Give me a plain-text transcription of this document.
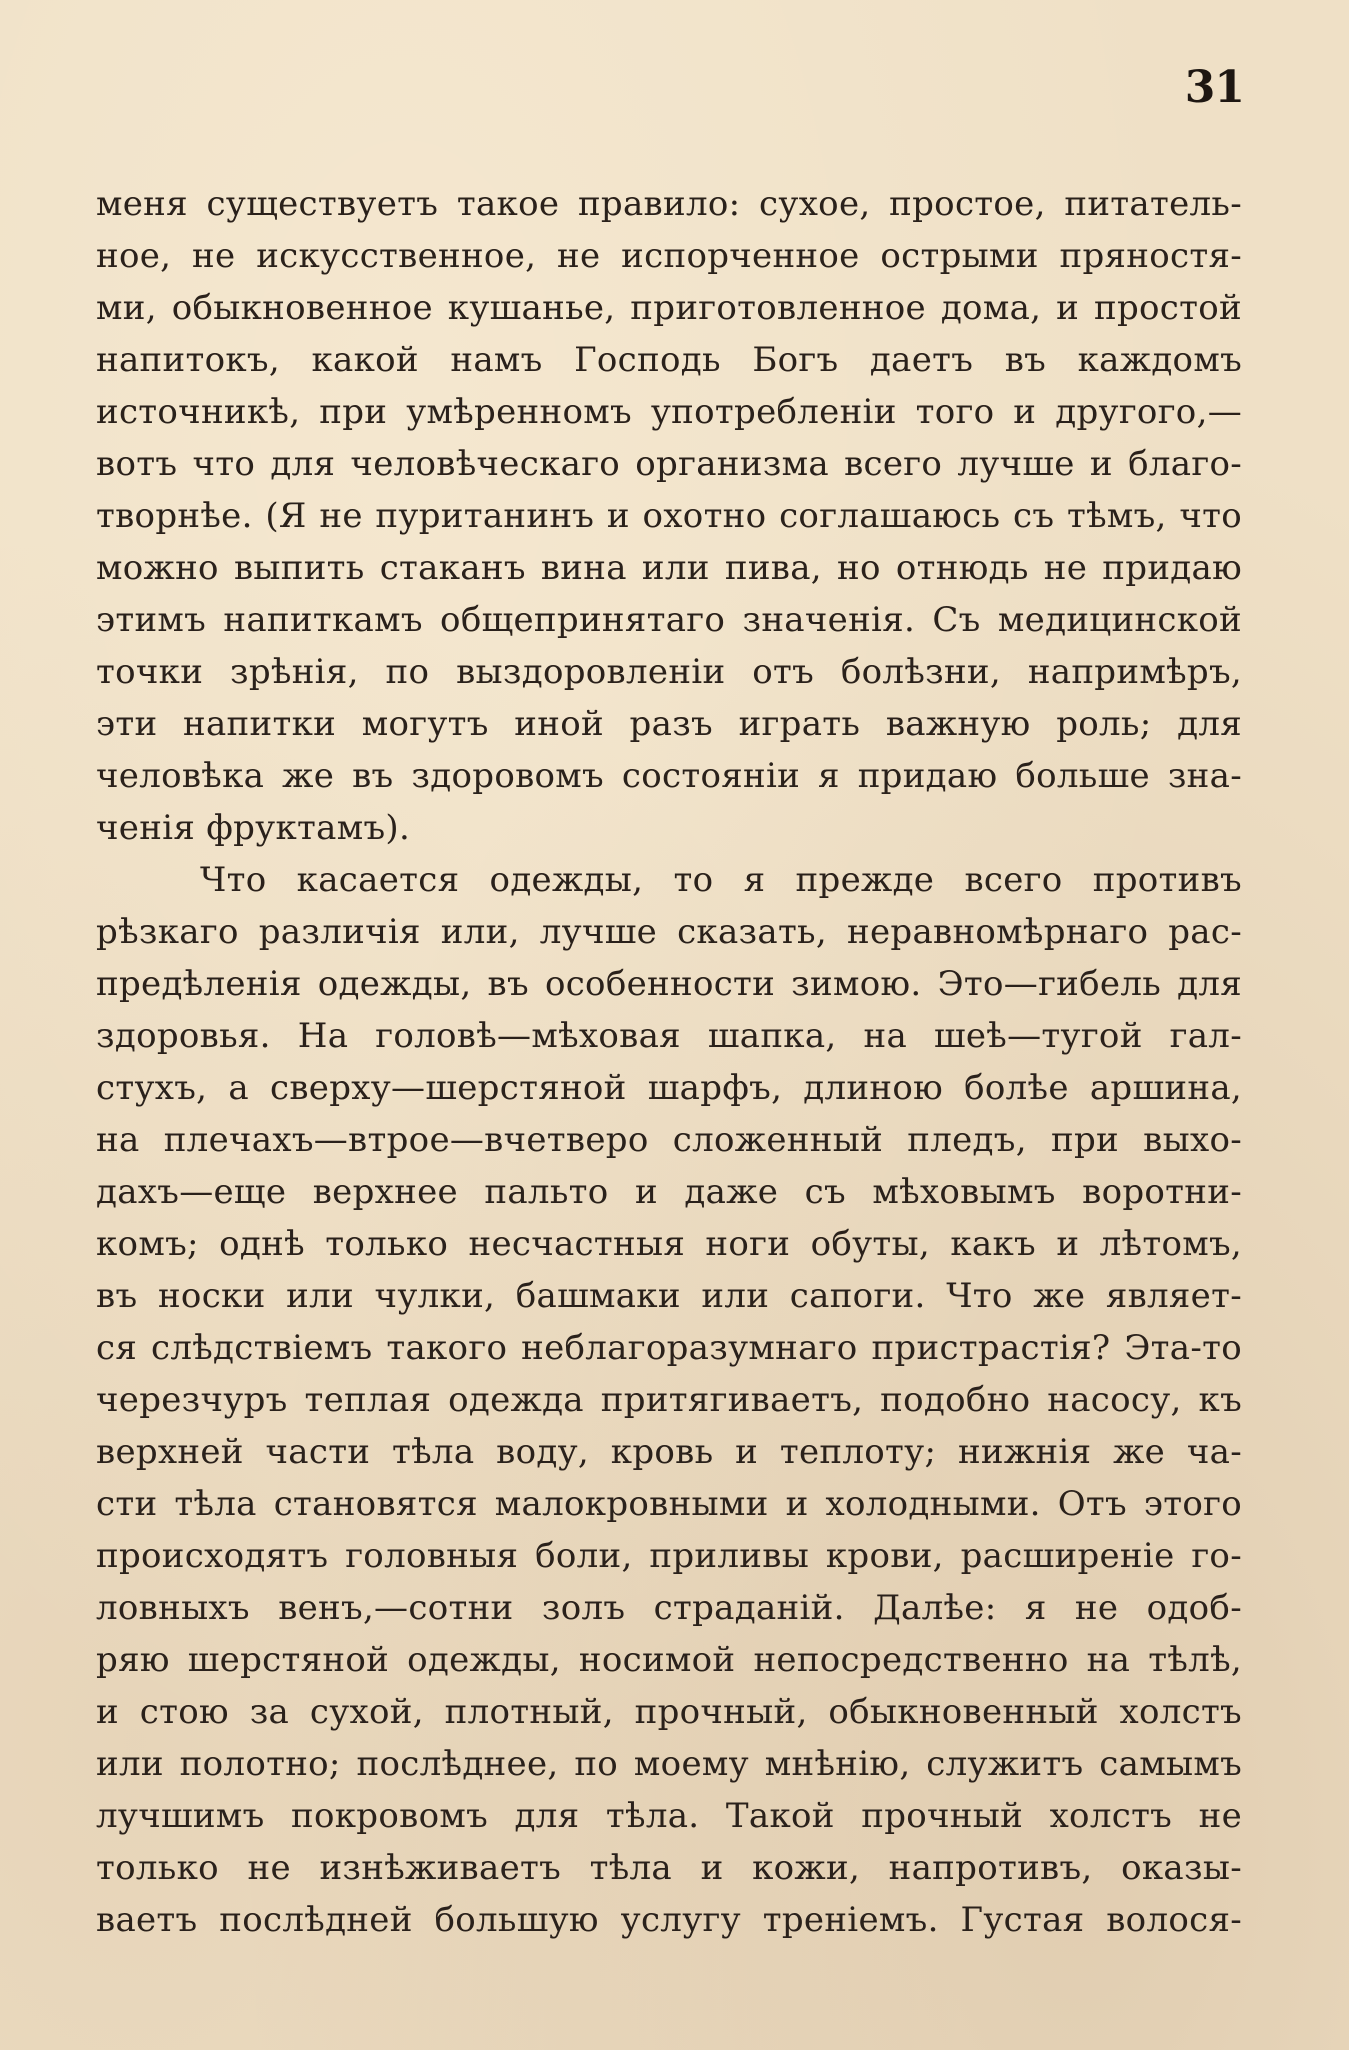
31
меня существуетъ такое правило: сухое, простое, питатель-
ное, не искусственное, не испорченное острыми пряностя-
ми, обыкновенное кушанье, приготовленное дома, и простой
напитокъ, какой намъ Господь Богъ даетъ въ каждомъ
источникѣ, при умѣренномъ употребленіи того и другого,—
вотъ что для человѣческаго организма всего лучше и благо-
творнѣе. (Я не пуританинъ и охотно соглашаюсь съ тѣмъ, что
можно выпить стаканъ вина или пива, но отнюдь не придаю
этимъ напиткамъ общепринятаго значенія. Съ медицинской
точки зрѣнія, по выздоровленіи отъ болѣзни, напримѣръ,
эти напитки могутъ иной разъ играть важную роль; для
человѣка же въ здоровомъ состояніи я придаю больше зна-
ченія фруктамъ).
Что касается одежды, то я прежде всего противъ
рѣзкаго различія или, лучше сказать, неравномѣрнаго рас-
предѣленія одежды, въ особенности зимою. Это—гибель для
здоровья. На головѣ—мѣховая шапка, на шеѣ—тугой гал-
стухъ, а сверху—шерстяной шарфъ, длиною болѣе аршина,
на плечахъ—втрое—вчетверо сложенный пледъ, при выхо-
дахъ—еще верхнее пальто и даже съ мѣховымъ воротни-
комъ; однѣ только несчастныя ноги обуты, какъ и лѣтомъ,
въ носки или чулки, башмаки или сапоги. Что же являет-
ся слѣдствіемъ такого неблагоразумнаго пристрастія? Эта-то
черезчуръ теплая одежда притягиваетъ, подобно насосу, къ
верхней части тѣла воду, кровь и теплоту; нижнія же ча-
сти тѣла становятся малокровными и холодными. Отъ этого
происходятъ головныя боли, приливы крови, расширеніе го-
ловныхъ венъ,—сотни золъ страданій. Далѣе: я не одоб-
ряю шерстяной одежды, носимой непосредственно на тѣлѣ,
и стою за сухой, плотный, прочный, обыкновенный холстъ
или полотно; послѣднее, по моему мнѣнію, служитъ самымъ
лучшимъ покровомъ для тѣла. Такой прочный холстъ не
только не изнѣживаетъ тѣла и кожи, напротивъ, оказы-
ваетъ послѣдней большую услугу треніемъ. Густая волося-
